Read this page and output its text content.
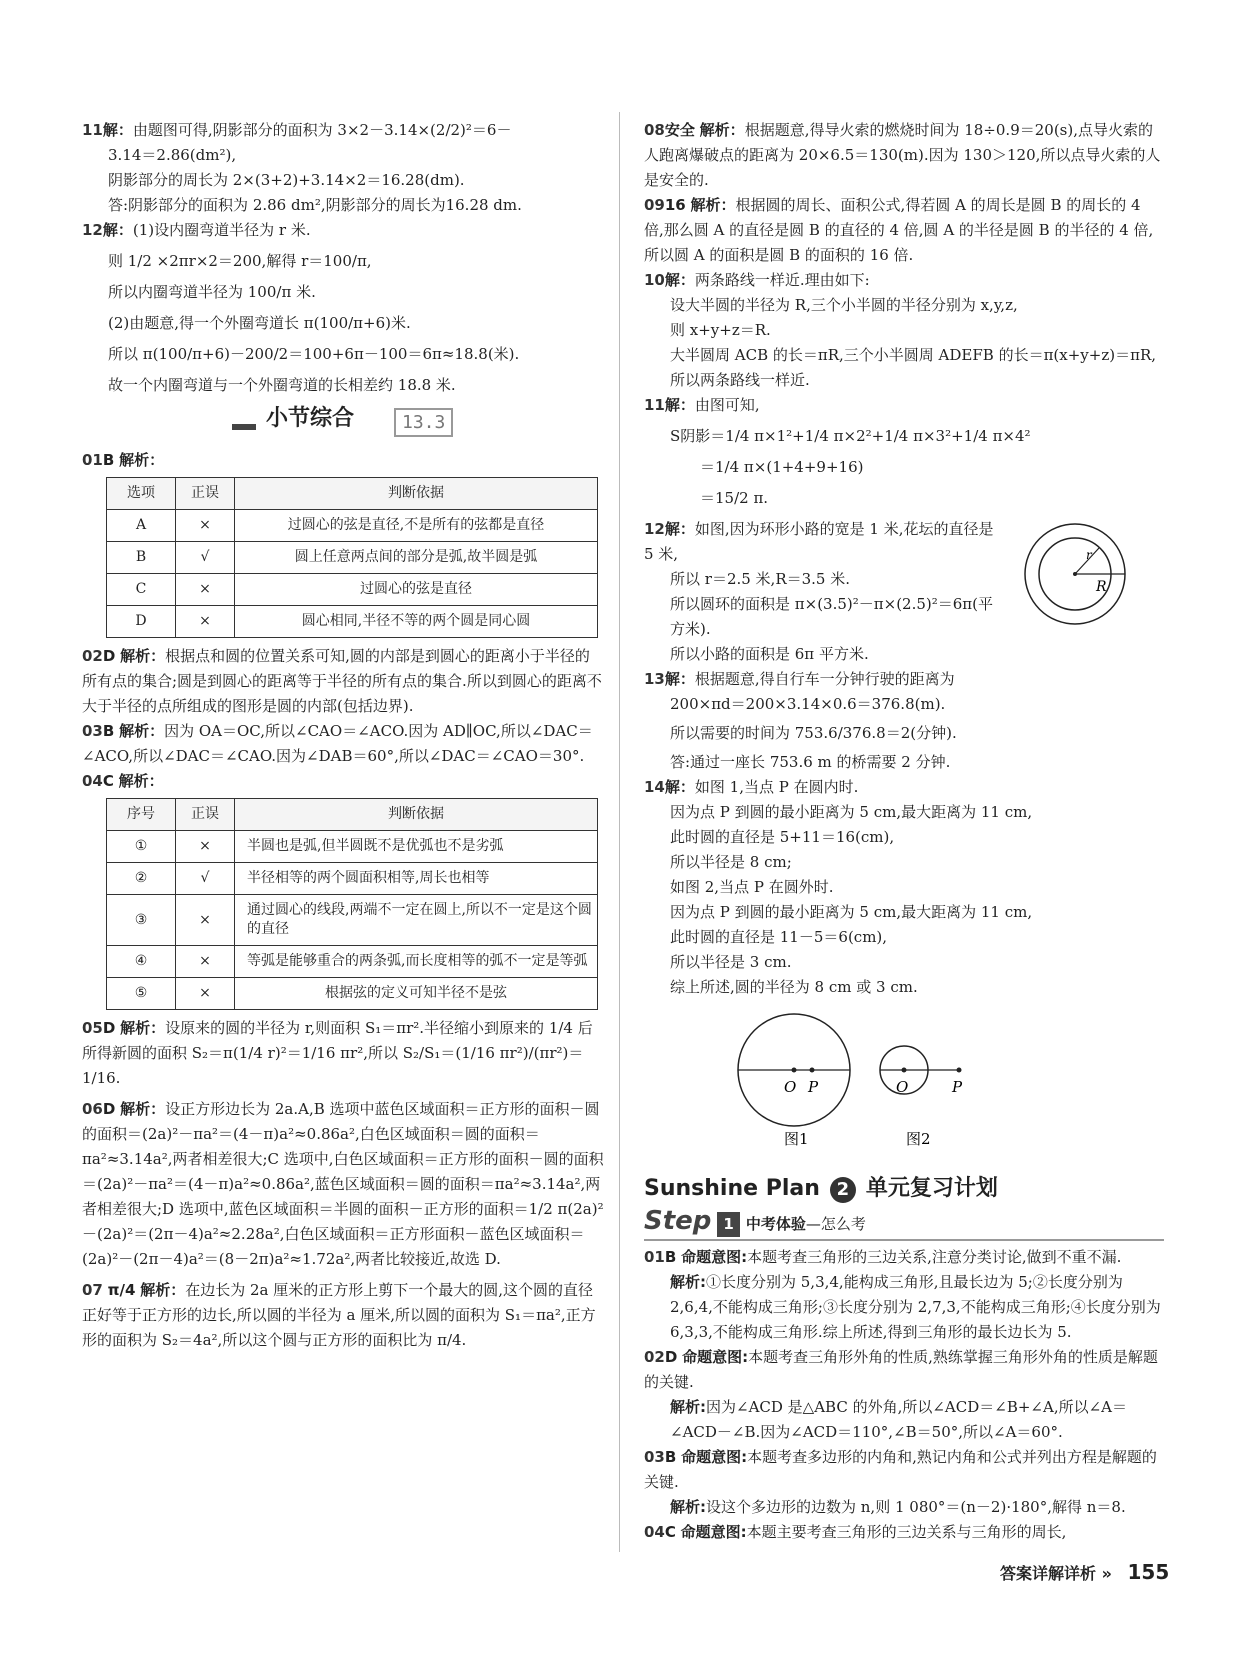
11解：由题图可得,阴影部分的面积为 3×2－3.14×(2/2)²＝6－

3.14＝2.86(dm²),

阴影部分的周长为 2×(3+2)+3.14×2＝16.28(dm).

答:阴影部分的面积为 2.86 dm²,阴影部分的周长为16.28 dm.

12解：(1)设内圈弯道半径为 r 米.

则 1/2 ×2πr×2＝200,解得 r＝100/π,

所以内圈弯道半径为 100/π 米.

(2)由题意,得一个外圈弯道长 π(100/π+6)米.

所以 π(100/π+6)－200/2＝100+6π－100＝6π≈18.8(米).

故一个内圈弯道与一个外圈弯道的长相差约 18.8 米.

小节综合	13.3

01B 解析：

选项	正误	判断依据
A	×	过圆心的弦是直径,不是所有的弦都是直径
B	√	圆上任意两点间的部分是弧,故半圆是弧
C	×	过圆心的弦是直径
D	×	圆心相同,半径不等的两个圆是同心圆

02D 解析：根据点和圆的位置关系可知,圆的内部是到圆心的距离小于半径的所有点的集合;圆是到圆心的距离等于半径的所有点的集合.所以到圆心的距离不大于半径的点所组成的图形是圆的内部(包括边界).

03B 解析：因为 OA＝OC,所以∠CAO＝∠ACO.因为 AD∥OC,所以∠DAC＝∠ACO,所以∠DAC＝∠CAO.因为∠DAB＝60°,所以∠DAC＝∠CAO＝30°.

04C 解析：

序号	正误	判断依据
①	×	半圆也是弧,但半圆既不是优弧也不是劣弧
②	√	半径相等的两个圆面积相等,周长也相等
③	×	通过圆心的线段,两端不一定在圆上,所以不一定是这个圆的直径
④	×	等弧是能够重合的两条弧,而长度相等的弧不一定是等弧
⑤	×	根据弦的定义可知半径不是弦

05D 解析：设原来的圆的半径为 r,则面积 S₁＝πr².半径缩小到原来的 1/4 后所得新圆的面积 S₂＝π(1/4 r)²＝1/16 πr²,所以 S₂/S₁＝(1/16 πr²)/(πr²)＝1/16.

06D 解析：设正方形边长为 2a.A,B 选项中蓝色区域面积＝正方形的面积－圆的面积＝(2a)²－πa²＝(4－π)a²≈0.86a²,白色区域面积＝圆的面积＝πa²≈3.14a²,两者相差很大;C 选项中,白色区域面积＝正方形的面积－圆的面积＝(2a)²－πa²＝(4－π)a²≈0.86a²,蓝色区域面积＝圆的面积＝πa²≈3.14a²,两者相差很大;D 选项中,蓝色区域面积＝半圆的面积－正方形的面积＝1/2 π(2a)²－(2a)²＝(2π－4)a²≈2.28a²,白色区域面积＝正方形面积－蓝色区域面积＝(2a)²－(2π－4)a²＝(8－2π)a²≈1.72a²,两者比较接近,故选 D.

07 π/4 解析：在边长为 2a 厘米的正方形上剪下一个最大的圆,这个圆的直径正好等于正方形的边长,所以圆的半径为 a 厘米,所以圆的面积为 S₁＝πa²,正方形的面积为 S₂＝4a²,所以这个圆与正方形的面积比为 π/4.

08安全 解析：根据题意,得导火索的燃烧时间为 18÷0.9＝20(s),点导火索的人跑离爆破点的距离为 20×6.5＝130(m).因为 130＞120,所以点导火索的人是安全的.

0916 解析：根据圆的周长、面积公式,得若圆 A 的周长是圆 B 的周长的 4 倍,那么圆 A 的直径是圆 B 的直径的 4 倍,圆 A 的半径是圆 B 的半径的 4 倍,所以圆 A 的面积是圆 B 的面积的 16 倍.

10解：两条路线一样近.理由如下:

设大半圆的半径为 R,三个小半圆的半径分别为 x,y,z,

则 x+y+z＝R.

大半圆周 ACB 的长＝πR,三个小半圆周 ADEFB 的长＝π(x+y+z)＝πR,

所以两条路线一样近.

11解：由图可知,

S阴影＝1/4 π×1²+1/4 π×2²+1/4 π×3²+1/4 π×4²

＝1/4 π×(1+4+9+16)

＝15/2 π.

12解：如图,因为环形小路的宽是 1 米,花坛的直径是 5 米,

所以 r＝2.5 米,R＝3.5 米.

所以圆环的面积是 π×(3.5)²－π×(2.5)²＝6π(平方米).

所以小路的面积是 6π 平方米.

r
R

13解：根据题意,得自行车一分钟行驶的距离为

200×πd＝200×3.14×0.6＝376.8(m).

所以需要的时间为 753.6/376.8＝2(分钟).

答:通过一座长 753.6 m 的桥需要 2 分钟.

14解：如图 1,当点 P 在圆内时.

因为点 P 到圆的最小距离为 5 cm,最大距离为 11 cm,

此时圆的直径是 5+11＝16(cm),

所以半径是 8 cm;

如图 2,当点 P 在圆外时.

因为点 P 到圆的最小距离为 5 cm,最大距离为 11 cm,

此时圆的直径是 11－5＝6(cm),

所以半径是 3 cm.

综上所述,圆的半径为 8 cm 或 3 cm.

O P
图1
O	P
图2
Sunshine Plan 2 单元复习计划
Step 1 中考体验—怎么考

01B 命题意图:本题考查三角形的三边关系,注意分类讨论,做到不重不漏.

解析:①长度分别为 5,3,4,能构成三角形,且最长边为 5;②长度分别为 2,6,4,不能构成三角形;③长度分别为 2,7,3,不能构成三角形;④长度分别为 6,3,3,不能构成三角形.综上所述,得到三角形的最长边长为 5.

02D 命题意图:本题考查三角形外角的性质,熟练掌握三角形外角的性质是解题的关键.

解析:因为∠ACD 是△ABC 的外角,所以∠ACD＝∠B+∠A,所以∠A＝∠ACD－∠B.因为∠ACD＝110°,∠B＝50°,所以∠A＝60°.

03B 命题意图:本题考查多边形的内角和,熟记内角和公式并列出方程是解题的关键.

解析:设这个多边形的边数为 n,则 1 080°＝(n－2)·180°,解得 n＝8.

04C 命题意图:本题主要考查三角形的三边关系与三角形的周长,

答案详解详析 » 155
